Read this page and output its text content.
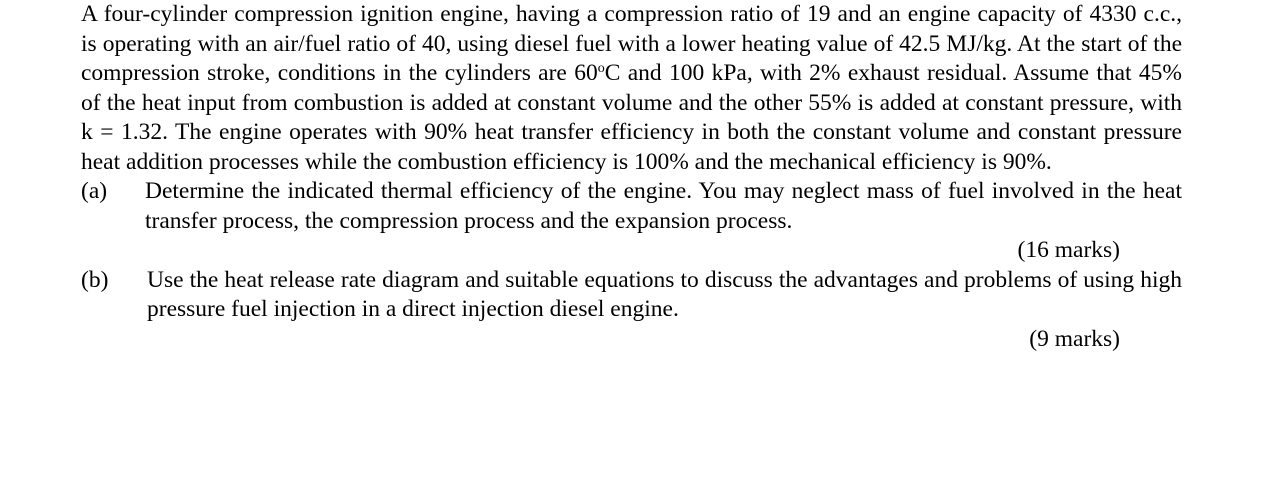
A four-cylinder compression ignition engine, having a compression ratio of 19 and an engine capacity of 4330 c.c., is operating with an air/fuel ratio of 40, using diesel fuel with a lower heating value of 42.5 MJ/kg. At the start of the compression stroke, conditions in the cylinders are 60$^o$C and 100 kPa, with 2% exhaust residual. Assume that 45% of the heat input from combustion is added at constant volume and the other 55% is added at constant pressure, with k = 1.32. The engine operates with 90% heat transfer efficiency in both the constant volume and constant pressure heat addition processes while the combustion efficiency is 100% and the mechanical efficiency is 90%.

(a) Determine the indicated thermal efficiency of the engine. You may neglect mass of fuel involved in the heat transfer process, the compression process and the expansion process.
(16 marks)
(b) Use the heat release rate diagram and suitable equations to discuss the advantages and problems of using high pressure fuel injection in a direct injection diesel engine.
(9 marks)
